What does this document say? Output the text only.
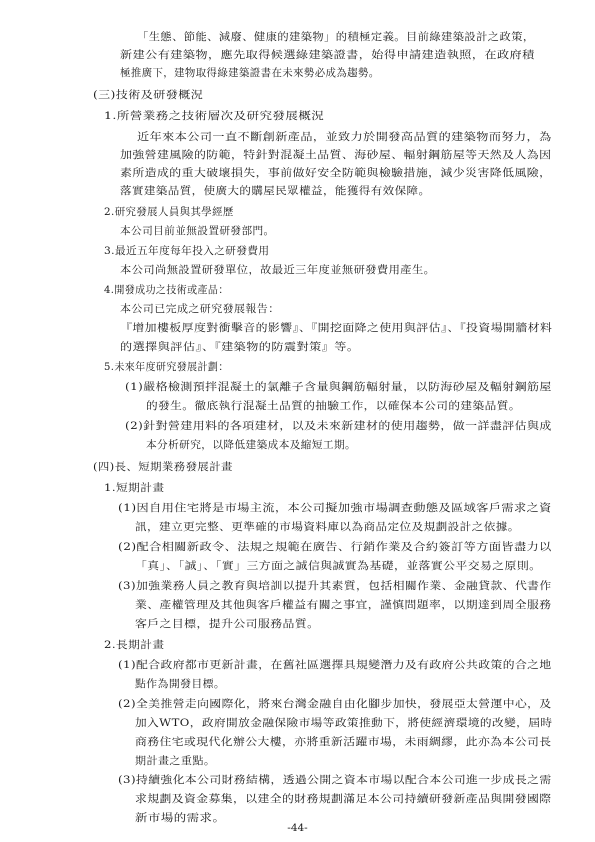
「生態、節能、減廢、健康的建築物」的積極定義。目前綠建築設計之政策，
新建公有建築物，應先取得候選綠建築證書，始得申請建造執照，在政府積
極推廣下，建物取得綠建築證書在未來勢必成為趨勢。
(三)技術及研發概況
1.所營業務之技術層次及研究發展概況
近年來本公司一直不斷創新產品，並致力於開發高品質的建築物而努力，為
加強營建風險的防範，特針對混凝土品質、海砂屋、輻射鋼筋屋等天然及人為因
素所造成的重大破壞損失，事前做好安全防範與檢驗措施，減少災害降低風險，
落實建築品質，使廣大的購屋民眾權益，能獲得有效保障。
2.研究發展人員與其學經歷
本公司目前並無設置研發部門。
3.最近五年度每年投入之研發費用
本公司尚無設置研發單位，故最近三年度並無研發費用產生。
4.開發成功之技術或產品：
本公司已完成之研究發展報告：
『增加樓板厚度對衝擊音的影響』、『開挖面降之使用與評估』、『投資場開牆材料
的選擇與評估』、『建築物的防震對策』等。
5.未來年度研究發展計劃：
(1)嚴格檢測預拌混凝土的氯離子含量與鋼筋輻射量，以防海砂屋及輻射鋼筋屋
的發生。徹底執行混凝土品質的抽驗工作，以確保本公司的建築品質。
(2)針對營建用料的各項建材，以及未來新建材的使用趨勢，做一詳盡評估與成
本分析研究，以降低建築成本及縮短工期。
(四)長、短期業務發展計畫
1.短期計畫
(1)因自用住宅將是市場主流，本公司擬加強市場調查動態及區域客戶需求之資
訊，建立更完整、更準確的市場資料庫以為商品定位及規劃設計之依據。
(2)配合相關新政令、法規之規範在廣告、行銷作業及合約簽訂等方面皆盡力以
「真」、「誠」、「實」三方面之誠信與誠實為基礎，並落實公平交易之原則。
(3)加強業務人員之教育與培訓以提升其素質，包括相關作業、金融貸款、代書作
業、產權管理及其他與客戶權益有關之事宜，謹慎問題率，以期達到周全服務
客戶之目標，提升公司服務品質。
2.長期計畫
(1)配合政府都市更新計畫，在舊社區選擇具規變潛力及有政府公共政策的合之地
點作為開發目標。
(2)全美推營走向國際化，將來台灣金融自由化腳步加快，發展亞太營運中心，及
加入WTO，政府開放金融保險市場等政策推動下，將使經濟環境的改變，屆時
商務住宅或現代化辦公大樓，亦將重新活躍市場，未雨綢繆，此亦為本公司長
期計畫之重點。
(3)持續強化本公司財務結構，透過公開之資本市場以配合本公司進一步成長之需
求規劃及資金募集，以建全的財務規劃滿足本公司持續研發新產品與開發國際
新市場的需求。
-44-
